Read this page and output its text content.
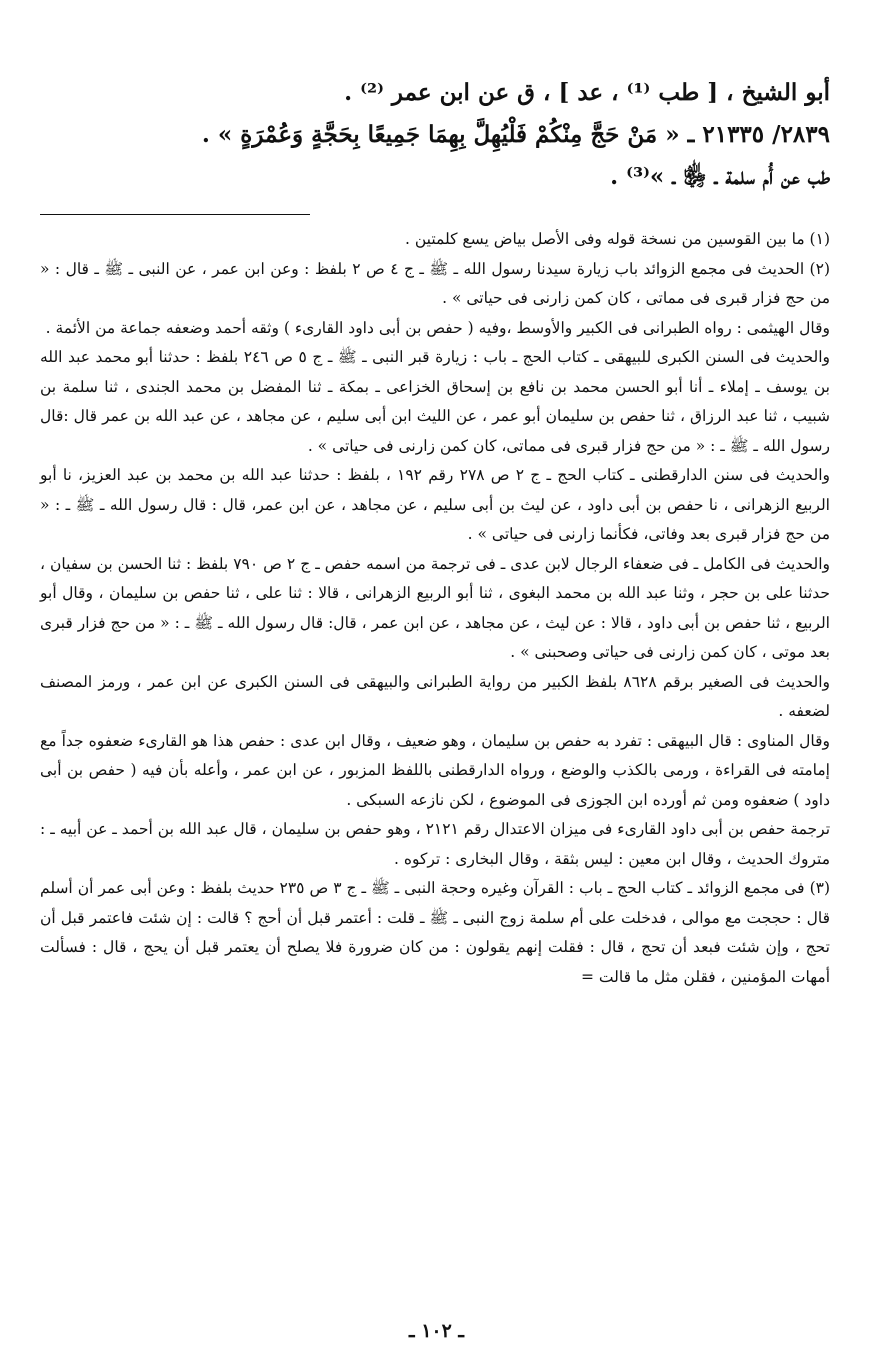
أبو الشيخ ، [ طب ⁽¹⁾ ، عد ] ، ق عن ابن عمر ⁽²⁾ .

٢٨٣٩/ ٢١٣٣٥ ـ « مَنْ حَجَّ مِنْكُمْ فَلْيُهِلَّ بِهِمَا جَمِيعًا بِحَجَّةٍ وَعُمْرَةٍ » .

طب عن أُم سلمة ـ ﵂ ـ »⁽³⁾ .

(١) ما بين القوسين من نسخة قوله وفى الأصل بياض يسع كلمتين .

(٢) الحديث فى مجمع الزوائد باب زيارة سيدنا رسول الله ـ ﷺ ـ ج ٤ ص ٢ بلفظ : وعن ابن عمر ، عن النبى ـ ﷺ ـ قال : « من حج فزار قبرى فى مماتى ، كان كمن زارنى فى حياتى » .

وقال الهيثمى : رواه الطبرانى فى الكبير والأوسط ،وفيه ( حفص بن أبى داود القارىء ) وثقه أحمد وضعفه جماعة من الأئمة .

والحديث فى السنن الكبرى للبيهقى ـ كتاب الحج ـ باب : زيارة قبر النبى ـ ﷺ ـ ج ٥ ص ٢٤٦ بلفظ : حدثنا أبو محمد عبد الله بن يوسف ـ إملاء ـ أنا أبو الحسن محمد بن نافع بن إسحاق الخزاعى ـ بمكة ـ ثنا المفضل بن محمد الجندى ، ثنا سلمة بن شبيب ، ثنا عبد الرزاق ، ثنا حفص بن سليمان أبو عمر ، عن الليث ابن أبى سليم ، عن مجاهد ، عن عبد الله بن عمر قال :قال رسول الله ـ ﷺ ـ : « من حج فزار قبرى فى مماتى، كان كمن زارنى فى حياتى » .

والحديث فى سنن الدارقطنى ـ كتاب الحج ـ ج ٢ ص ٢٧٨ رقم ١٩٢ ، بلفظ : حدثنا عبد الله بن محمد بن عبد العزيز، نا أبو الربيع الزهرانى ، نا حفص بن أبى داود ، عن ليث بن أبى سليم ، عن مجاهد ، عن ابن عمر، قال : قال رسول الله ـ ﷺ ـ : « من حج فزار قبرى بعد وفاتى، فكأنما زارنى فى حياتى » .

والحديث فى الكامل ـ فى ضعفاء الرجال لابن عدى ـ فى ترجمة من اسمه حفص ـ ج ٢ ص ٧٩٠ بلفظ : ثنا الحسن بن سفيان ، حدثنا على بن حجر ، وثنا عبد الله بن محمد البغوى ، ثنا أبو الربيع الزهرانى ، قالا : ثنا على ، ثنا حفص بن سليمان ، وقال أبو الربيع ، ثنا حفص بن أبى داود ، قالا : عن ليث ، عن مجاهد ، عن ابن عمر ، قال: قال رسول الله ـ ﷺ ـ : « من حج فزار قبرى بعد موتى ، كان كمن زارنى فى حياتى وصحبنى » .

والحديث فى الصغير برقم ٨٦٢٨ بلفظ الكبير من رواية الطبرانى والبيهقى فى السنن الكبرى عن ابن عمر ، ورمز المصنف لضعفه .

وقال المناوى : قال البيهقى : تفرد به حفص بن سليمان ، وهو ضعيف ، وقال ابن عدى : حفص هذا هو القارىء ضعفوه جداً مع إمامته فى القراءة ، ورمى بالكذب والوضع ، ورواه الدارقطنى باللفظ المزبور ، عن ابن عمر ، وأعله بأن فيه ( حفص بن أبى داود ) ضعفوه ومن ثم أورده ابن الجوزى فى الموضوع ، لكن نازعه السبكى .

ترجمة حفص بن أبى داود القارىء فى ميزان الاعتدال رقم ٢١٢١ ، وهو حفص بن سليمان ، قال عبد الله بن أحمد ـ عن أبيه ـ : متروك الحديث ، وقال ابن معين : ليس بثقة ، وقال البخارى : تركوه .

(٣) فى مجمع الزوائد ـ كتاب الحج ـ باب : القرآن وغيره وحجة النبى ـ ﷺ ـ ج ٣ ص ٢٣٥ حديث بلفظ : وعن أبى عمر أن أسلم قال : حججت مع موالى ، فدخلت على أم سلمة زوج النبى ـ ﷺ ـ قلت : أعتمر قبل أن أحج ؟ قالت : إن شئت فاعتمر قبل أن تحج ، وإن شئت فبعد أن تحج ، قال : فقلت إنهم يقولون : من كان ضرورة فلا يصلح أن يعتمر قبل أن يحج ، قال : فسألت أمهات المؤمنين ، فقلن مثل ما قالت =

ـ ١٠٢ ـ
